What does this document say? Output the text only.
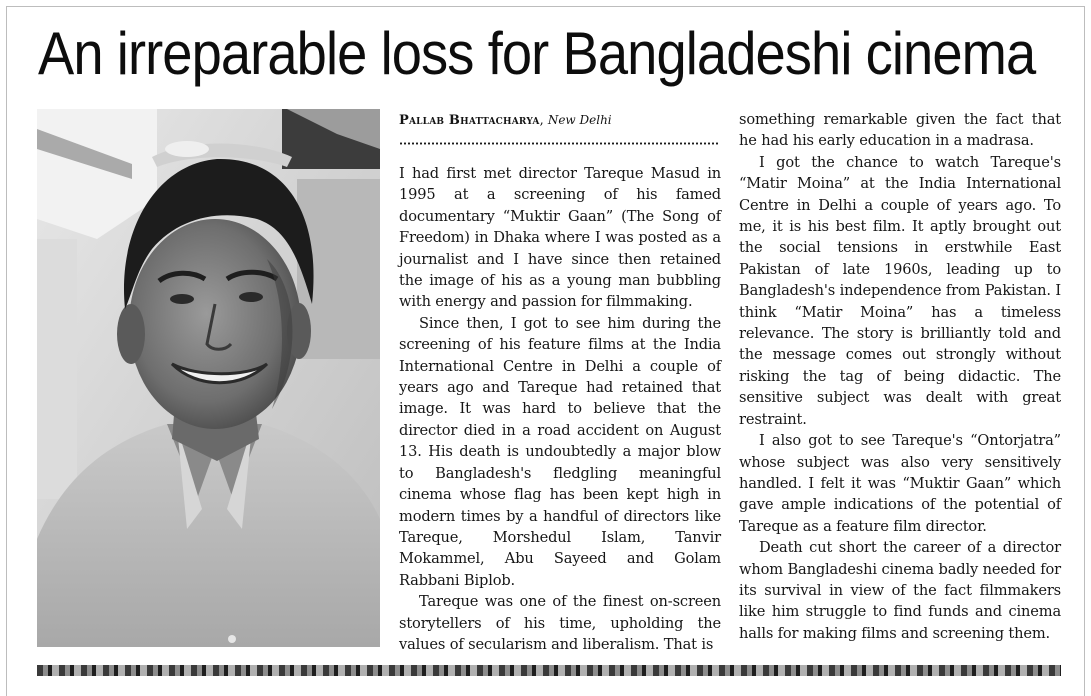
An irreparable loss for Bangladeshi cinema
Pallab Bhattacharya, New Delhi

I had first met director Tareque Masud in 1995 at a screening of his famed documentary “Muktir Gaan” (The Song of Freedom) in Dhaka where I was posted as a journalist and I have since then retained the image of his as a young man bubbling with energy and passion for filmmaking.

Since then, I got to see him during the screening of his feature films at the India International Centre in Delhi a couple of years ago and Tareque had retained that image. It was hard to believe that the director died in a road accident on August 13. His death is undoubtedly a major blow to Bangladesh's fledgling meaningful cinema whose flag has been kept high in modern times by a handful of directors like Tareque, Morshedul Islam, Tanvir Mokammel, Abu Sayeed and Golam Rabbani Biplob.

Tareque was one of the finest on-screen storytellers of his time, upholding the values of secularism and liberalism. That is

something remarkable given the fact that he had his early education in a madrasa.

I got the chance to watch Tareque's “Matir Moina” at the India International Centre in Delhi a couple of years ago. To me, it is his best film. It aptly brought out the social tensions in erstwhile East Pakistan of late 1960s, leading up to Bangladesh's independence from Pakistan. I think “Matir Moina” has a timeless relevance. The story is brilliantly told and the message comes out strongly without risking the tag of being didactic. The sensitive subject was dealt with great restraint.

I also got to see Tareque's “Ontorjatra” whose subject was also very sensitively handled. I felt it was “Muktir Gaan” which gave ample indications of the potential of Tareque as a feature film director.

Death cut short the career of a director whom Bangladeshi cinema badly needed for its survival in view of the fact filmmakers like him struggle to find funds and cinema halls for making films and screening them.
